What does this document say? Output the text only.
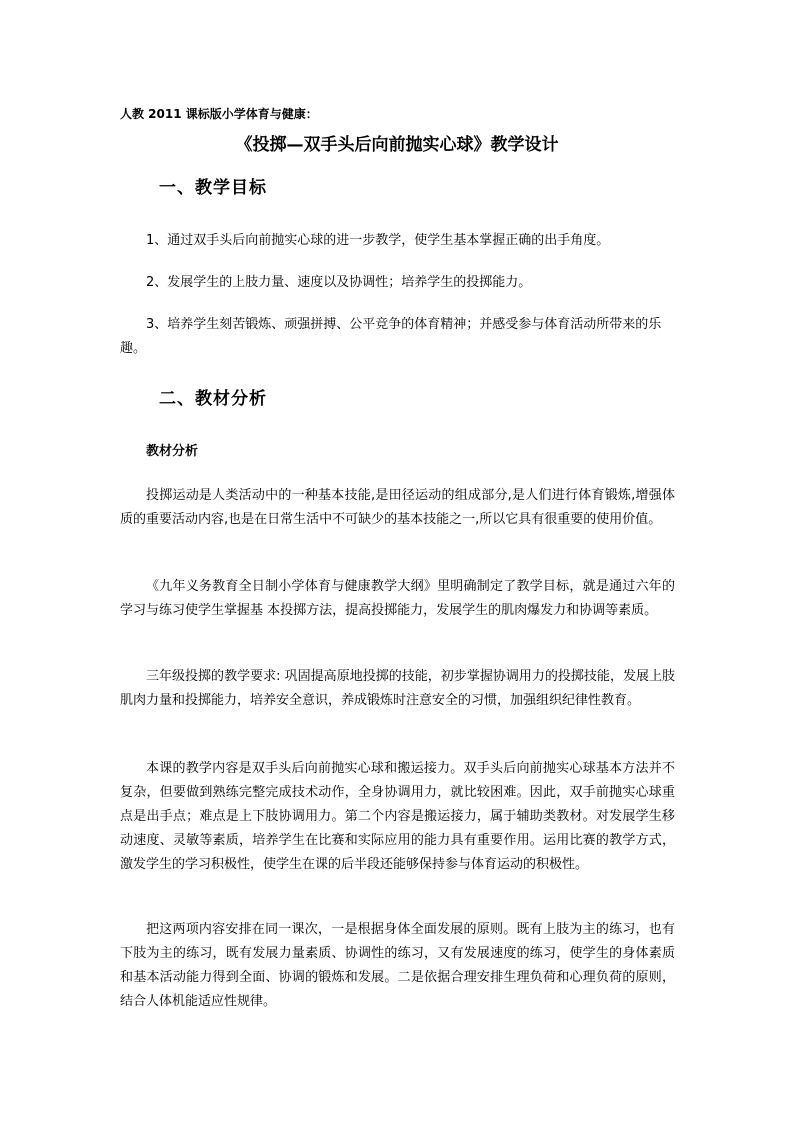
人教 2011 课标版小学体育与健康：
《投掷—双手头后向前抛实心球》教学设计
一、教学目标

1、通过双手头后向前抛实心球的进一步教学，使学生基本掌握正确的出手角度。

2、发展学生的上肢力量、速度以及协调性；培养学生的投掷能力。

3、培养学生刻苦锻炼、顽强拼搏、公平竞争的体育精神；并感受参与体育活动所带来的乐趣。

二、教材分析
教材分析

投掷运动是人类活动中的一种基本技能,是田径运动的组成部分,是人们进行体育锻炼,增强体质的重要活动内容,也是在日常生活中不可缺少的基本技能之一,所以它具有很重要的使用价值。

《九年义务教育全日制小学体育与健康教学大纲》里明确制定了教学目标，就是通过六年的学习与练习使学生掌握基 本投掷方法，提高投掷能力，发展学生的肌肉爆发力和协调等素质。

三年级投掷的教学要求: 巩固提高原地投掷的技能，初步掌握协调用力的投掷技能，发展上肢肌肉力量和投掷能力，培养安全意识，养成锻炼时注意安全的习惯，加强组织纪律性教育。

本课的教学内容是双手头后向前抛实心球和搬运接力。双手头后向前抛实心球基本方法并不复杂，但要做到熟练完整完成技术动作，全身协调用力，就比较困难。因此，双手前抛实心球重点是出手点；难点是上下肢协调用力。第二个内容是搬运接力，属于辅助类教材。对发展学生移动速度、灵敏等素质，培养学生在比赛和实际应用的能力具有重要作用。运用比赛的教学方式，激发学生的学习积极性，使学生在课的后半段还能够保持参与体育运动的积极性。

把这两项内容安排在同一课次，一是根据身体全面发展的原则。既有上肢为主的练习，也有下肢为主的练习，既有发展力量素质、协调性的练习，又有发展速度的练习，使学生的身体素质和基本活动能力得到全面、协调的锻炼和发展。二是依据合理安排生理负荷和心理负荷的原则，结合人体机能适应性规律。
